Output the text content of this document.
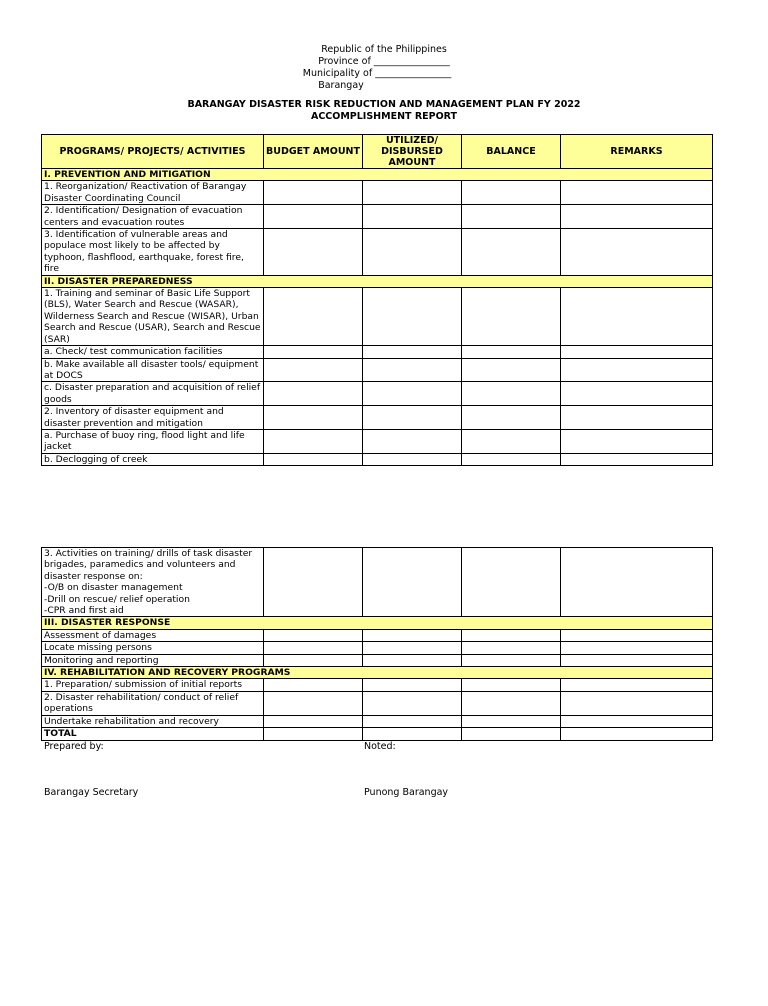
Republic of the Philippines
Province of ________________
Municipality of ________________
Barangay
BARANGAY DISASTER RISK REDUCTION AND MANAGEMENT PLAN FY 2022
ACCOMPLISHMENT REPORT
PROGRAMS/ PROJECTS/ ACTIVITIES	BUDGET AMOUNT	UTILIZED/ DISBURSED AMOUNT	BALANCE	REMARKS
I. PREVENTION AND MITIGATION				
1. Reorganization/ Reactivation of Barangay Disaster Coordinating Council				
2. Identification/ Designation of evacuation centers and evacuation routes				
3. Identification of vulnerable areas and populace most likely to be affected by typhoon, flashflood, earthquake, forest fire, fire				
II. DISASTER PREPAREDNESS				
1. Training and seminar of Basic Life Support (BLS), Water Search and Rescue (WASAR), Wilderness Search and Rescue (WISAR), Urban Search and Rescue (USAR), Search and Rescue (SAR)				
a. Check/ test communication facilities				
b. Make available all disaster tools/ equipment at DOCS				
c. Disaster preparation and acquisition of relief goods				
2. Inventory of disaster equipment and disaster prevention and mitigation				
a. Purchase of buoy ring, flood light and life jacket				
b. Declogging of creek				
3. Activities on training/ drills of task disaster brigades, paramedics and volunteers and disaster response on:
-O/B on disaster management
-Drill on rescue/ relief operation
-CPR and first aid				

III. DISASTER RESPONSE				
Assessment of damages				
Locate missing persons				
Monitoring and reporting				
IV. REHABILITATION AND RECOVERY PROGRAMS				
1. Preparation/ submission of initial reports				
2. Disaster rehabilitation/ conduct of relief operations				
Undertake rehabilitation and recovery				
TOTAL				
Prepared by:	Noted:
Barangay Secretary	Punong Barangay
